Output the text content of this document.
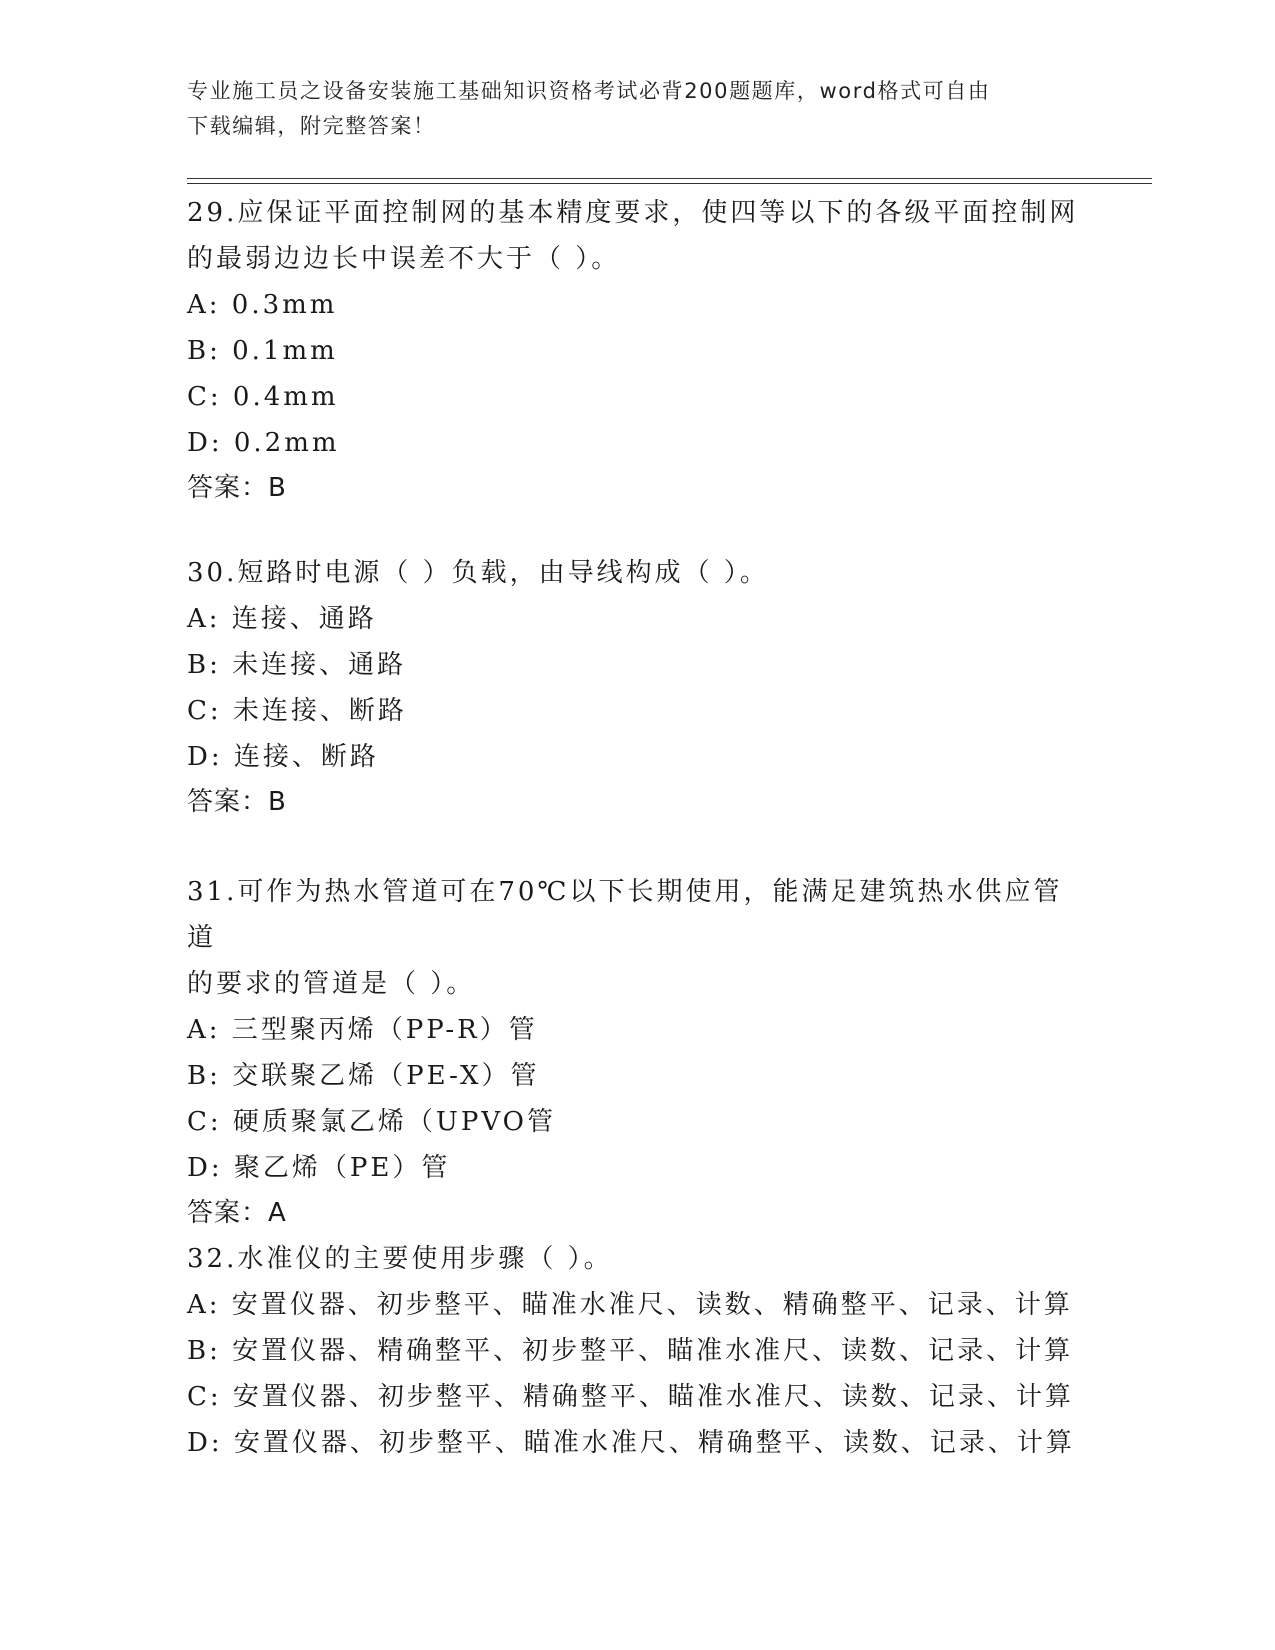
专业施工员之设备安装施工基础知识资格考试必背200题题库，word格式可自由
下载编辑，附完整答案！

29.应保证平面控制网的基本精度要求，使四等以下的各级平面控制网

的最弱边边长中误差不大于（ ）。

A: 0.3mm

B: 0.1mm

C: 0.4mm

D: 0.2mm

答案：B

30.短路时电源（ ）负载，由导线构成（ ）。

A: 连接、通路

B: 未连接、通路

C: 未连接、断路

D: 连接、断路

答案：B

31.可作为热水管道可在70℃以下长期使用，能满足建筑热水供应管道

的要求的管道是（ ）。

A: 三型聚丙烯（PP-R）管

B: 交联聚乙烯（PE-X）管

C: 硬质聚氯乙烯（UPVO管

D: 聚乙烯（PE）管

答案：A

32.水准仪的主要使用步骤（ ）。

A: 安置仪器、初步整平、瞄准水准尺、读数、精确整平、记录、计算

B: 安置仪器、精确整平、初步整平、瞄准水准尺、读数、记录、计算

C: 安置仪器、初步整平、精确整平、瞄准水准尺、读数、记录、计算

D: 安置仪器、初步整平、瞄准水准尺、精确整平、读数、记录、计算
